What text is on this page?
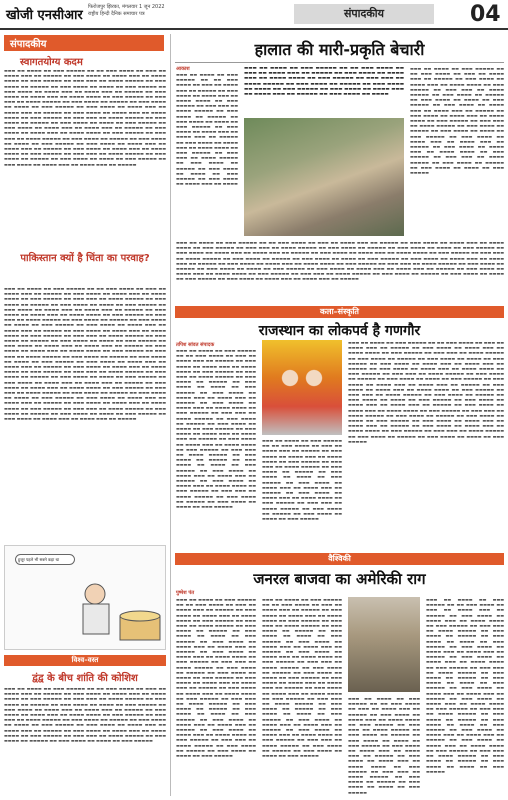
खोजी एनसीआर
फिरोजपुर झिरका, मंगलवार 1 जून 2022
राष्ट्रीय हिन्दी दैनिक समाचार पत्र	संपादकीय	04
संपादकीय
स्वागतयोग्य कदम

▬▬▬ ▬▬ ▬▬▬▬ ▬▬ ▬▬▬ ▬▬▬▬▬ ▬▬ ▬▬ ▬▬▬ ▬▬▬▬ ▬▬ ▬▬▬ ▬▬ ▬▬▬▬ ▬▬▬ ▬▬ ▬▬▬▬▬ ▬▬ ▬▬▬ ▬▬▬▬ ▬▬ ▬▬▬▬ ▬▬▬ ▬▬ ▬▬▬▬ ▬▬▬▬ ▬▬ ▬▬▬ ▬▬▬▬▬ ▬▬ ▬▬▬ ▬▬▬ ▬▬ ▬▬▬▬ ▬▬▬▬▬ ▬▬ ▬▬▬ ▬▬▬▬ ▬▬ ▬▬▬▬▬ ▬▬ ▬▬▬ ▬▬▬▬ ▬▬ ▬▬▬▬ ▬▬ ▬▬▬ ▬▬▬▬▬ ▬▬ ▬▬▬ ▬▬▬▬ ▬▬ ▬▬▬▬ ▬▬▬ ▬▬ ▬▬▬▬ ▬▬▬ ▬▬ ▬▬▬▬▬ ▬▬ ▬▬▬ ▬▬▬▬ ▬▬ ▬▬▬▬ ▬▬▬ ▬▬ ▬▬▬▬ ▬▬▬▬ ▬▬ ▬▬▬ ▬▬▬▬▬ ▬▬ ▬▬▬ ▬▬▬ ▬▬ ▬▬▬▬ ▬▬▬▬▬ ▬▬ ▬▬▬ ▬▬▬▬ ▬▬ ▬▬▬▬▬ ▬▬ ▬▬▬ ▬▬▬▬ ▬▬ ▬▬▬▬ ▬▬ ▬▬▬ ▬▬▬▬▬ ▬▬ ▬▬▬ ▬▬▬▬ ▬▬ ▬▬▬▬ ▬▬▬ ▬▬ ▬▬▬▬ ▬▬▬ ▬▬ ▬▬▬▬▬ ▬▬ ▬▬▬ ▬▬▬▬ ▬▬ ▬▬▬▬ ▬▬▬ ▬▬ ▬▬▬▬ ▬▬▬▬ ▬▬ ▬▬▬ ▬▬▬▬▬ ▬▬ ▬▬▬ ▬▬▬ ▬▬ ▬▬▬▬ ▬▬▬▬▬ ▬▬ ▬▬▬ ▬▬▬▬ ▬▬ ▬▬▬▬▬ ▬▬ ▬▬▬ ▬▬▬▬ ▬▬ ▬▬▬▬ ▬▬ ▬▬▬ ▬▬▬▬▬ ▬▬ ▬▬▬ ▬▬▬▬ ▬▬ ▬▬▬▬ ▬▬▬ ▬▬ ▬▬▬▬ ▬▬▬ ▬▬ ▬▬▬▬▬ ▬▬ ▬▬▬ ▬▬▬▬ ▬▬ ▬▬▬▬ ▬▬▬ ▬▬ ▬▬▬▬ ▬▬▬▬ ▬▬ ▬▬▬ ▬▬▬▬▬ ▬▬ ▬▬▬ ▬▬▬ ▬▬ ▬▬▬▬ ▬▬▬▬▬ ▬▬ ▬▬▬ ▬▬▬▬ ▬▬ ▬▬▬▬▬ ▬▬ ▬▬▬ ▬▬▬▬ ▬▬ ▬▬▬▬ ▬▬ ▬▬▬ ▬▬▬▬▬ ▬▬ ▬▬▬ ▬▬▬▬ ▬▬ ▬▬▬▬ ▬▬▬ ▬▬ ▬▬▬▬ ▬▬▬ ▬▬ ▬▬▬▬▬ ▬▬ ▬▬▬ ▬▬▬▬ ▬▬ ▬▬▬▬ ▬▬▬ ▬▬ ▬▬▬▬ ▬▬▬▬ ▬▬ ▬▬▬ ▬▬▬▬▬ ▬▬ ▬▬▬ ▬▬▬ ▬▬ ▬▬▬▬ ▬▬▬▬▬ ▬▬ ▬▬▬ ▬▬▬▬ ▬▬ ▬▬▬▬▬ ▬▬ ▬▬▬ ▬▬▬▬ ▬▬ ▬▬▬▬ ▬▬ ▬▬▬ ▬▬▬▬▬ ▬▬ ▬▬▬ ▬▬▬▬ ▬▬ ▬▬▬▬ ▬▬▬ ▬▬ ▬▬▬▬ ▬▬▬ ▬▬ ▬▬▬▬▬

पाकिस्तान क्यों है चिंता का परवाह?

▬▬▬ ▬▬ ▬▬▬▬ ▬▬ ▬▬▬ ▬▬▬▬▬ ▬▬ ▬▬ ▬▬▬ ▬▬▬▬ ▬▬ ▬▬▬ ▬▬ ▬▬▬▬ ▬▬▬ ▬▬ ▬▬▬▬▬ ▬▬ ▬▬▬ ▬▬▬▬ ▬▬ ▬▬▬▬ ▬▬▬ ▬▬ ▬▬▬▬ ▬▬▬▬ ▬▬ ▬▬▬ ▬▬▬▬▬ ▬▬ ▬▬▬ ▬▬▬ ▬▬ ▬▬▬▬ ▬▬▬▬▬ ▬▬ ▬▬▬ ▬▬▬▬ ▬▬ ▬▬▬▬▬ ▬▬ ▬▬▬ ▬▬▬▬ ▬▬ ▬▬▬▬ ▬▬ ▬▬▬ ▬▬▬▬▬ ▬▬ ▬▬▬ ▬▬▬▬ ▬▬ ▬▬▬▬ ▬▬▬ ▬▬ ▬▬▬▬ ▬▬▬ ▬▬ ▬▬▬▬▬ ▬▬ ▬▬▬ ▬▬▬▬ ▬▬ ▬▬▬▬ ▬▬▬ ▬▬ ▬▬▬▬ ▬▬▬▬ ▬▬ ▬▬▬ ▬▬▬▬▬ ▬▬ ▬▬▬ ▬▬▬ ▬▬ ▬▬▬▬ ▬▬▬▬▬ ▬▬ ▬▬▬ ▬▬▬▬ ▬▬ ▬▬▬▬▬ ▬▬ ▬▬▬ ▬▬▬▬ ▬▬ ▬▬▬▬ ▬▬ ▬▬▬ ▬▬▬▬▬ ▬▬ ▬▬▬ ▬▬▬▬ ▬▬ ▬▬▬▬ ▬▬▬ ▬▬ ▬▬▬▬ ▬▬▬ ▬▬ ▬▬▬▬▬ ▬▬ ▬▬▬ ▬▬▬▬ ▬▬ ▬▬▬▬ ▬▬▬ ▬▬ ▬▬▬▬ ▬▬▬▬ ▬▬ ▬▬▬ ▬▬▬▬▬ ▬▬ ▬▬▬ ▬▬▬ ▬▬ ▬▬▬▬ ▬▬▬▬▬ ▬▬ ▬▬▬ ▬▬▬▬ ▬▬ ▬▬▬▬▬ ▬▬ ▬▬▬ ▬▬▬▬ ▬▬ ▬▬▬▬ ▬▬ ▬▬▬ ▬▬▬▬▬ ▬▬ ▬▬▬ ▬▬▬▬ ▬▬ ▬▬▬▬ ▬▬▬ ▬▬ ▬▬▬▬ ▬▬▬ ▬▬ ▬▬▬▬▬ ▬▬ ▬▬▬ ▬▬▬▬ ▬▬ ▬▬▬▬ ▬▬▬ ▬▬ ▬▬▬▬ ▬▬▬▬ ▬▬ ▬▬▬ ▬▬▬▬▬ ▬▬ ▬▬▬ ▬▬▬ ▬▬ ▬▬▬▬ ▬▬▬▬▬ ▬▬ ▬▬▬ ▬▬▬▬ ▬▬ ▬▬▬▬▬ ▬▬ ▬▬▬ ▬▬▬▬ ▬▬ ▬▬▬▬ ▬▬ ▬▬▬ ▬▬▬▬▬ ▬▬ ▬▬▬ ▬▬▬▬ ▬▬ ▬▬▬▬ ▬▬▬ ▬▬ ▬▬▬▬ ▬▬▬ ▬▬ ▬▬▬▬▬ ▬▬ ▬▬▬ ▬▬▬▬ ▬▬ ▬▬▬▬ ▬▬▬ ▬▬ ▬▬▬▬ ▬▬▬▬ ▬▬ ▬▬▬ ▬▬▬▬▬ ▬▬ ▬▬▬ ▬▬▬ ▬▬ ▬▬▬▬ ▬▬▬▬▬ ▬▬ ▬▬▬ ▬▬▬▬ ▬▬ ▬▬▬▬▬ ▬▬ ▬▬▬ ▬▬▬▬ ▬▬ ▬▬▬▬ ▬▬ ▬▬▬ ▬▬▬▬▬ ▬▬ ▬▬▬ ▬▬▬▬ ▬▬ ▬▬▬▬ ▬▬▬ ▬▬ ▬▬▬▬ ▬▬▬ ▬▬ ▬▬▬▬▬ ▬▬ ▬▬▬ ▬▬▬▬ ▬▬ ▬▬▬▬ ▬▬▬ ▬▬ ▬▬▬▬ ▬▬▬▬ ▬▬ ▬▬▬ ▬▬▬▬▬ ▬▬ ▬▬▬ ▬▬▬ ▬▬ ▬▬▬▬ ▬▬▬▬▬ ▬▬ ▬▬▬ ▬▬▬▬ ▬▬ ▬▬▬▬▬ ▬▬ ▬▬▬ ▬▬▬▬ ▬▬ ▬▬▬▬ ▬▬ ▬▬▬ ▬▬▬▬▬ ▬▬ ▬▬▬ ▬▬▬▬ ▬▬ ▬▬▬▬ ▬▬▬ ▬▬ ▬▬▬▬ ▬▬▬ ▬▬ ▬▬▬▬▬ ▬▬ ▬▬▬ ▬▬▬▬ ▬▬ ▬▬▬▬ ▬▬▬ ▬▬ ▬▬▬▬ ▬▬▬▬ ▬▬ ▬▬▬ ▬▬▬▬▬ ▬▬ ▬▬▬ ▬▬▬ ▬▬ ▬▬▬▬ ▬▬▬▬▬ ▬▬ ▬▬▬ ▬▬▬▬ ▬▬ ▬▬▬▬▬ ▬▬ ▬▬▬ ▬▬▬▬ ▬▬ ▬▬▬▬ ▬▬ ▬▬▬ ▬▬▬▬▬ ▬▬ ▬▬▬ ▬▬▬▬ ▬▬ ▬▬▬▬ ▬▬▬ ▬▬ ▬▬▬▬ ▬▬▬ ▬▬ ▬▬▬▬▬

हुजूर पहले भी सबने कहा था
विश्व–वस्त
द्वंद्व के बीच शांति की कोशिश

▬▬▬ ▬▬ ▬▬▬▬ ▬▬ ▬▬▬ ▬▬▬▬▬ ▬▬ ▬▬ ▬▬▬ ▬▬▬▬ ▬▬ ▬▬▬ ▬▬ ▬▬▬▬ ▬▬▬ ▬▬ ▬▬▬▬▬ ▬▬ ▬▬▬ ▬▬▬▬ ▬▬ ▬▬▬▬ ▬▬▬ ▬▬ ▬▬▬▬ ▬▬▬▬ ▬▬ ▬▬▬ ▬▬▬▬▬ ▬▬ ▬▬▬ ▬▬▬ ▬▬ ▬▬▬▬ ▬▬▬▬▬ ▬▬ ▬▬▬ ▬▬▬▬ ▬▬ ▬▬▬▬▬ ▬▬ ▬▬▬ ▬▬▬▬ ▬▬ ▬▬▬▬ ▬▬ ▬▬▬ ▬▬▬▬▬ ▬▬ ▬▬▬ ▬▬▬▬ ▬▬ ▬▬▬▬ ▬▬▬ ▬▬ ▬▬▬▬ ▬▬▬ ▬▬ ▬▬▬▬▬ ▬▬ ▬▬▬ ▬▬▬▬ ▬▬ ▬▬▬▬ ▬▬▬ ▬▬ ▬▬▬▬ ▬▬▬▬ ▬▬ ▬▬▬ ▬▬▬▬▬ ▬▬ ▬▬▬ ▬▬▬ ▬▬ ▬▬▬▬ ▬▬▬▬▬ ▬▬ ▬▬▬ ▬▬▬▬ ▬▬ ▬▬▬▬▬ ▬▬ ▬▬▬ ▬▬▬▬ ▬▬ ▬▬▬▬ ▬▬ ▬▬▬ ▬▬▬▬▬ ▬▬ ▬▬▬ ▬▬▬▬ ▬▬ ▬▬▬▬ ▬▬▬ ▬▬ ▬▬▬▬ ▬▬▬ ▬▬ ▬▬▬▬▬ ▬▬ ▬▬▬ ▬▬▬▬ ▬▬ ▬▬▬▬ ▬▬▬ ▬▬ ▬▬▬▬ ▬▬▬▬ ▬▬ ▬▬▬ ▬▬▬▬▬ ▬▬ ▬▬▬ ▬▬▬ ▬▬ ▬▬▬▬ ▬▬▬▬▬ ▬▬ ▬▬▬ ▬▬▬▬ ▬▬ ▬▬▬▬▬ ▬▬ ▬▬▬ ▬▬▬▬ ▬▬ ▬▬▬▬ ▬▬ ▬▬▬ ▬▬▬▬▬

हालात की मारी-प्रकृति बेचारी
आकाश

▬▬▬ ▬▬ ▬▬▬▬ ▬▬ ▬▬▬ ▬▬▬▬▬ ▬▬ ▬▬ ▬▬▬ ▬▬▬▬ ▬▬ ▬▬▬ ▬▬ ▬▬▬▬ ▬▬▬ ▬▬ ▬▬▬▬▬ ▬▬ ▬▬▬ ▬▬▬▬ ▬▬ ▬▬▬▬ ▬▬▬ ▬▬ ▬▬▬▬ ▬▬▬▬ ▬▬ ▬▬▬ ▬▬▬▬▬ ▬▬ ▬▬▬ ▬▬▬ ▬▬ ▬▬▬▬ ▬▬▬▬▬ ▬▬ ▬▬▬ ▬▬▬▬ ▬▬ ▬▬▬▬▬ ▬▬ ▬▬▬ ▬▬▬▬ ▬▬ ▬▬▬▬ ▬▬ ▬▬▬ ▬▬▬▬▬ ▬▬ ▬▬▬ ▬▬▬▬ ▬▬ ▬▬▬▬ ▬▬▬ ▬▬ ▬▬▬▬ ▬▬▬ ▬▬ ▬▬▬▬▬ ▬▬ ▬▬▬ ▬▬▬▬ ▬▬ ▬▬▬▬ ▬▬▬ ▬▬ ▬▬▬▬ ▬▬▬▬ ▬▬ ▬▬▬ ▬▬▬▬▬ ▬▬ ▬▬▬ ▬▬▬ ▬▬ ▬▬▬▬ ▬▬▬▬▬ ▬▬ ▬▬▬ ▬▬▬▬ ▬▬ ▬▬▬▬▬ ▬▬ ▬▬▬ ▬▬▬▬ ▬▬ ▬▬▬▬ ▬▬ ▬▬▬ ▬▬▬▬▬ ▬▬ ▬▬▬ ▬▬▬▬ ▬▬ ▬▬▬▬ ▬▬▬ ▬▬ ▬▬▬▬

▬▬▬ ▬▬ ▬▬▬▬ ▬▬ ▬▬▬ ▬▬▬▬▬ ▬▬ ▬▬ ▬▬▬ ▬▬▬▬ ▬▬ ▬▬▬ ▬▬ ▬▬▬▬ ▬▬▬ ▬▬ ▬▬▬▬▬ ▬▬ ▬▬▬ ▬▬▬▬ ▬▬ ▬▬▬▬ ▬▬▬ ▬▬ ▬▬▬▬ ▬▬▬▬ ▬▬ ▬▬▬ ▬▬▬▬▬ ▬▬ ▬▬▬ ▬▬▬ ▬▬ ▬▬▬▬ ▬▬▬▬▬ ▬▬ ▬▬▬ ▬▬▬▬ ▬▬ ▬▬▬▬▬ ▬▬ ▬▬▬ ▬▬▬▬ ▬▬ ▬▬▬▬ ▬▬ ▬▬▬ ▬▬▬▬▬ ▬▬ ▬▬▬ ▬▬▬▬ ▬▬ ▬▬▬▬ ▬▬▬ ▬▬ ▬▬▬▬ ▬▬▬ ▬▬ ▬▬▬▬▬ ▬▬ ▬▬▬ ▬▬▬▬ ▬▬ ▬▬▬▬

▬▬▬ ▬▬ ▬▬▬▬ ▬▬ ▬▬▬ ▬▬▬▬▬ ▬▬ ▬▬ ▬▬▬ ▬▬▬▬ ▬▬ ▬▬▬ ▬▬ ▬▬▬▬ ▬▬▬ ▬▬ ▬▬▬▬▬ ▬▬ ▬▬▬ ▬▬▬▬ ▬▬ ▬▬▬▬ ▬▬▬ ▬▬ ▬▬▬▬ ▬▬▬▬ ▬▬ ▬▬▬ ▬▬▬▬▬ ▬▬ ▬▬▬ ▬▬▬ ▬▬ ▬▬▬▬ ▬▬▬▬▬ ▬▬ ▬▬▬ ▬▬▬▬ ▬▬ ▬▬▬▬▬ ▬▬ ▬▬▬ ▬▬▬▬ ▬▬ ▬▬▬▬ ▬▬ ▬▬▬ ▬▬▬▬▬ ▬▬ ▬▬▬ ▬▬▬▬ ▬▬ ▬▬▬▬ ▬▬▬ ▬▬ ▬▬▬▬ ▬▬▬ ▬▬ ▬▬▬▬▬ ▬▬ ▬▬▬ ▬▬▬▬ ▬▬ ▬▬▬▬ ▬▬▬ ▬▬ ▬▬▬▬ ▬▬▬▬ ▬▬ ▬▬▬ ▬▬▬▬▬ ▬▬ ▬▬▬ ▬▬▬ ▬▬ ▬▬▬▬ ▬▬▬▬▬ ▬▬ ▬▬▬ ▬▬▬▬ ▬▬ ▬▬▬▬▬ ▬▬ ▬▬▬ ▬▬▬▬ ▬▬ ▬▬▬▬ ▬▬ ▬▬▬ ▬▬▬▬▬ ▬▬ ▬▬▬ ▬▬▬▬ ▬▬ ▬▬▬▬ ▬▬▬ ▬▬ ▬▬▬▬ ▬▬▬ ▬▬ ▬▬▬▬▬ ▬▬ ▬▬▬ ▬▬▬▬ ▬▬ ▬▬▬▬ ▬▬▬ ▬▬ ▬▬▬▬ ▬▬▬▬ ▬▬ ▬▬▬ ▬▬▬▬▬ ▬▬ ▬▬▬ ▬▬▬ ▬▬ ▬▬▬▬ ▬▬▬▬▬ ▬▬ ▬▬▬ ▬▬▬▬ ▬▬ ▬▬▬▬▬ ▬▬ ▬▬▬ ▬▬▬▬ ▬▬ ▬▬▬▬ ▬▬ ▬▬▬ ▬▬▬▬▬

▬▬▬ ▬▬ ▬▬▬▬ ▬▬ ▬▬▬ ▬▬▬▬▬ ▬▬ ▬▬ ▬▬▬ ▬▬▬▬ ▬▬ ▬▬▬ ▬▬ ▬▬▬▬ ▬▬▬ ▬▬ ▬▬▬▬▬ ▬▬ ▬▬▬ ▬▬▬▬ ▬▬ ▬▬▬▬ ▬▬▬ ▬▬ ▬▬▬▬ ▬▬▬▬ ▬▬ ▬▬▬ ▬▬▬▬▬ ▬▬ ▬▬▬ ▬▬▬ ▬▬ ▬▬▬▬ ▬▬▬▬▬ ▬▬ ▬▬▬ ▬▬▬▬ ▬▬ ▬▬▬▬▬ ▬▬ ▬▬▬ ▬▬▬▬ ▬▬ ▬▬▬▬ ▬▬ ▬▬▬ ▬▬▬▬▬ ▬▬ ▬▬▬ ▬▬▬▬ ▬▬ ▬▬▬▬ ▬▬▬ ▬▬ ▬▬▬▬ ▬▬▬ ▬▬ ▬▬▬▬▬ ▬▬ ▬▬▬ ▬▬▬▬ ▬▬ ▬▬▬▬ ▬▬▬ ▬▬ ▬▬▬▬ ▬▬▬▬ ▬▬ ▬▬▬ ▬▬▬▬▬ ▬▬ ▬▬▬ ▬▬▬ ▬▬ ▬▬▬▬ ▬▬▬▬▬ ▬▬ ▬▬▬ ▬▬▬▬ ▬▬ ▬▬▬▬▬ ▬▬ ▬▬▬ ▬▬▬▬ ▬▬ ▬▬▬▬ ▬▬ ▬▬▬ ▬▬▬▬▬ ▬▬ ▬▬▬ ▬▬▬▬ ▬▬ ▬▬▬▬ ▬▬▬ ▬▬ ▬▬▬▬ ▬▬▬ ▬▬ ▬▬▬▬▬ ▬▬ ▬▬▬ ▬▬▬▬ ▬▬ ▬▬▬▬ ▬▬▬ ▬▬ ▬▬▬▬ ▬▬▬▬ ▬▬ ▬▬▬ ▬▬▬▬▬ ▬▬ ▬▬▬ ▬▬▬ ▬▬ ▬▬▬▬ ▬▬▬▬▬ ▬▬ ▬▬▬ ▬▬▬▬ ▬▬ ▬▬▬▬▬ ▬▬ ▬▬▬ ▬▬▬▬ ▬▬ ▬▬▬▬ ▬▬ ▬▬▬ ▬▬▬▬▬ ▬▬ ▬▬▬ ▬▬▬▬ ▬▬ ▬▬▬▬ ▬▬▬ ▬▬ ▬▬▬▬ ▬▬▬ ▬▬ ▬▬▬▬▬ ▬▬ ▬▬▬ ▬▬▬▬ ▬▬ ▬▬▬▬ ▬▬▬ ▬▬ ▬▬▬▬ ▬▬▬▬ ▬▬ ▬▬▬ ▬▬▬▬▬ ▬▬ ▬▬▬ ▬▬▬ ▬▬ ▬▬▬▬ ▬▬▬▬▬ ▬▬ ▬▬▬ ▬▬▬▬ ▬▬ ▬▬▬▬▬ ▬▬ ▬▬▬ ▬▬▬▬ ▬▬ ▬▬▬▬ ▬▬ ▬▬▬ ▬▬▬▬▬ ▬▬ ▬▬▬ ▬▬▬▬ ▬▬ ▬▬▬▬ ▬▬▬ ▬▬ ▬▬▬▬ ▬▬▬ ▬▬ ▬▬▬▬▬

कला–संस्कृति
राजस्थान का लोकपर्व है गणगौर
तपिश सांवत संपादक

▬▬▬ ▬▬ ▬▬▬▬ ▬▬ ▬▬▬ ▬▬▬▬▬ ▬▬ ▬▬ ▬▬▬ ▬▬▬▬ ▬▬ ▬▬▬ ▬▬ ▬▬▬▬ ▬▬▬ ▬▬ ▬▬▬▬▬ ▬▬ ▬▬▬ ▬▬▬▬ ▬▬ ▬▬▬▬ ▬▬▬ ▬▬ ▬▬▬▬ ▬▬▬▬ ▬▬ ▬▬▬ ▬▬▬▬▬ ▬▬ ▬▬▬ ▬▬▬ ▬▬ ▬▬▬▬ ▬▬▬▬▬ ▬▬ ▬▬▬ ▬▬▬▬ ▬▬ ▬▬▬▬▬ ▬▬ ▬▬▬ ▬▬▬▬ ▬▬ ▬▬▬▬ ▬▬ ▬▬▬ ▬▬▬▬▬ ▬▬ ▬▬▬ ▬▬▬▬ ▬▬ ▬▬▬▬ ▬▬▬ ▬▬ ▬▬▬▬ ▬▬▬ ▬▬ ▬▬▬▬▬ ▬▬ ▬▬▬ ▬▬▬▬ ▬▬ ▬▬▬▬ ▬▬▬ ▬▬ ▬▬▬▬ ▬▬▬▬ ▬▬ ▬▬▬ ▬▬▬▬▬ ▬▬ ▬▬▬ ▬▬▬ ▬▬ ▬▬▬▬ ▬▬▬▬▬ ▬▬ ▬▬▬ ▬▬▬▬ ▬▬ ▬▬▬▬▬ ▬▬ ▬▬▬ ▬▬▬▬ ▬▬ ▬▬▬▬ ▬▬ ▬▬▬ ▬▬▬▬▬ ▬▬ ▬▬▬ ▬▬▬▬ ▬▬ ▬▬▬▬ ▬▬▬ ▬▬ ▬▬▬▬ ▬▬▬ ▬▬ ▬▬▬▬▬ ▬▬ ▬▬▬ ▬▬▬▬ ▬▬ ▬▬▬▬ ▬▬▬ ▬▬ ▬▬▬▬ ▬▬▬▬ ▬▬ ▬▬▬ ▬▬▬▬▬ ▬▬ ▬▬▬ ▬▬▬ ▬▬ ▬▬▬▬ ▬▬▬▬▬ ▬▬ ▬▬▬ ▬▬▬▬ ▬▬ ▬▬▬▬▬ ▬▬ ▬▬▬ ▬▬▬▬ ▬▬ ▬▬▬▬ ▬▬ ▬▬▬ ▬▬▬▬▬ ▬▬ ▬▬▬ ▬▬▬▬ ▬▬ ▬▬▬▬ ▬▬▬ ▬▬ ▬▬▬▬ ▬▬▬ ▬▬ ▬▬▬▬▬ ▬▬ ▬▬▬ ▬▬▬▬ ▬▬ ▬▬▬▬ ▬▬▬ ▬▬ ▬▬▬▬ ▬▬▬▬ ▬▬ ▬▬▬ ▬▬▬▬▬ ▬▬ ▬▬▬ ▬▬▬ ▬▬ ▬▬▬▬ ▬▬▬▬▬ ▬▬ ▬▬▬ ▬▬▬▬ ▬▬ ▬▬▬▬▬ ▬▬ ▬▬▬ ▬▬▬▬ ▬▬ ▬▬▬▬ ▬▬ ▬▬▬ ▬▬▬▬▬

▬▬▬ ▬▬ ▬▬▬▬ ▬▬ ▬▬▬ ▬▬▬▬▬ ▬▬ ▬▬ ▬▬▬ ▬▬▬▬ ▬▬ ▬▬▬ ▬▬ ▬▬▬▬ ▬▬▬ ▬▬ ▬▬▬▬▬ ▬▬ ▬▬▬ ▬▬▬▬ ▬▬ ▬▬▬▬ ▬▬▬ ▬▬ ▬▬▬▬ ▬▬▬▬ ▬▬ ▬▬▬ ▬▬▬▬▬ ▬▬ ▬▬▬ ▬▬▬ ▬▬ ▬▬▬▬ ▬▬▬▬▬ ▬▬ ▬▬▬ ▬▬▬▬ ▬▬ ▬▬▬▬▬ ▬▬ ▬▬▬ ▬▬▬▬ ▬▬ ▬▬▬▬ ▬▬ ▬▬▬ ▬▬▬▬▬ ▬▬ ▬▬▬ ▬▬▬▬ ▬▬ ▬▬▬▬ ▬▬▬ ▬▬ ▬▬▬▬ ▬▬▬ ▬▬ ▬▬▬▬▬ ▬▬ ▬▬▬ ▬▬▬▬ ▬▬ ▬▬▬▬ ▬▬▬ ▬▬ ▬▬▬▬ ▬▬▬▬ ▬▬ ▬▬▬ ▬▬▬▬▬ ▬▬ ▬▬▬ ▬▬▬ ▬▬ ▬▬▬▬ ▬▬▬▬▬ ▬▬ ▬▬▬ ▬▬▬▬ ▬▬ ▬▬▬▬▬ ▬▬ ▬▬▬ ▬▬▬▬ ▬▬ ▬▬▬▬ ▬▬ ▬▬▬ ▬▬▬▬▬

▬▬▬ ▬▬ ▬▬▬▬ ▬▬ ▬▬▬ ▬▬▬▬▬ ▬▬ ▬▬ ▬▬▬ ▬▬▬▬ ▬▬ ▬▬▬ ▬▬ ▬▬▬▬ ▬▬▬ ▬▬ ▬▬▬▬▬ ▬▬ ▬▬▬ ▬▬▬▬ ▬▬ ▬▬▬▬ ▬▬▬ ▬▬ ▬▬▬▬ ▬▬▬▬ ▬▬ ▬▬▬ ▬▬▬▬▬ ▬▬ ▬▬▬ ▬▬▬ ▬▬ ▬▬▬▬ ▬▬▬▬▬ ▬▬ ▬▬▬ ▬▬▬▬ ▬▬ ▬▬▬▬▬ ▬▬ ▬▬▬ ▬▬▬▬ ▬▬ ▬▬▬▬ ▬▬ ▬▬▬ ▬▬▬▬▬ ▬▬ ▬▬▬ ▬▬▬▬ ▬▬ ▬▬▬▬ ▬▬▬ ▬▬ ▬▬▬▬ ▬▬▬ ▬▬ ▬▬▬▬▬ ▬▬ ▬▬▬ ▬▬▬▬ ▬▬ ▬▬▬▬ ▬▬▬ ▬▬ ▬▬▬▬ ▬▬▬▬ ▬▬ ▬▬▬ ▬▬▬▬▬ ▬▬ ▬▬▬ ▬▬▬ ▬▬ ▬▬▬▬ ▬▬▬▬▬ ▬▬ ▬▬▬ ▬▬▬▬ ▬▬ ▬▬▬▬▬ ▬▬ ▬▬▬ ▬▬▬▬ ▬▬ ▬▬▬▬ ▬▬ ▬▬▬ ▬▬▬▬▬ ▬▬ ▬▬▬ ▬▬▬▬ ▬▬ ▬▬▬▬ ▬▬▬ ▬▬ ▬▬▬▬ ▬▬▬ ▬▬ ▬▬▬▬▬ ▬▬ ▬▬▬ ▬▬▬▬ ▬▬ ▬▬▬▬ ▬▬▬ ▬▬ ▬▬▬▬ ▬▬▬▬ ▬▬ ▬▬▬ ▬▬▬▬▬ ▬▬ ▬▬▬ ▬▬▬ ▬▬ ▬▬▬▬ ▬▬▬▬▬ ▬▬ ▬▬▬ ▬▬▬▬ ▬▬ ▬▬▬▬▬ ▬▬ ▬▬▬ ▬▬▬▬ ▬▬ ▬▬▬▬ ▬▬ ▬▬▬ ▬▬▬▬▬ ▬▬ ▬▬▬ ▬▬▬▬ ▬▬ ▬▬▬▬ ▬▬▬ ▬▬ ▬▬▬▬ ▬▬▬ ▬▬ ▬▬▬▬▬ ▬▬ ▬▬▬ ▬▬▬▬ ▬▬ ▬▬▬▬ ▬▬▬ ▬▬ ▬▬▬▬ ▬▬▬▬ ▬▬ ▬▬▬ ▬▬▬▬▬ ▬▬ ▬▬▬ ▬▬▬ ▬▬ ▬▬▬▬ ▬▬▬▬▬ ▬▬ ▬▬▬ ▬▬▬▬ ▬▬ ▬▬▬▬▬ ▬▬ ▬▬▬ ▬▬▬▬ ▬▬ ▬▬▬▬ ▬▬ ▬▬▬ ▬▬▬▬▬ ▬▬ ▬▬▬ ▬▬▬▬ ▬▬ ▬▬▬▬ ▬▬▬ ▬▬ ▬▬▬▬ ▬▬▬ ▬▬ ▬▬▬▬▬ ▬▬ ▬▬▬ ▬▬▬▬ ▬▬ ▬▬▬▬ ▬▬▬ ▬▬ ▬▬▬▬ ▬▬▬▬ ▬▬ ▬▬▬ ▬▬▬▬▬ ▬▬ ▬▬▬ ▬▬▬ ▬▬ ▬▬▬▬ ▬▬▬▬▬ ▬▬ ▬▬▬ ▬▬▬▬ ▬▬ ▬▬▬▬▬ ▬▬ ▬▬▬ ▬▬▬▬ ▬▬ ▬▬▬▬ ▬▬ ▬▬▬ ▬▬▬▬▬

वैश्विकी
जनरल बाजवा का अमेरिकी राग
पुष्पेश पंत

▬▬▬ ▬▬ ▬▬▬▬ ▬▬ ▬▬▬ ▬▬▬▬▬ ▬▬ ▬▬ ▬▬▬ ▬▬▬▬ ▬▬ ▬▬▬ ▬▬ ▬▬▬▬ ▬▬▬ ▬▬ ▬▬▬▬▬ ▬▬ ▬▬▬ ▬▬▬▬ ▬▬ ▬▬▬▬ ▬▬▬ ▬▬ ▬▬▬▬ ▬▬▬▬ ▬▬ ▬▬▬ ▬▬▬▬▬ ▬▬ ▬▬▬ ▬▬▬ ▬▬ ▬▬▬▬ ▬▬▬▬▬ ▬▬ ▬▬▬ ▬▬▬▬ ▬▬ ▬▬▬▬▬ ▬▬ ▬▬▬ ▬▬▬▬ ▬▬ ▬▬▬▬ ▬▬ ▬▬▬ ▬▬▬▬▬ ▬▬ ▬▬▬ ▬▬▬▬ ▬▬ ▬▬▬▬ ▬▬▬ ▬▬ ▬▬▬▬ ▬▬▬ ▬▬ ▬▬▬▬▬ ▬▬ ▬▬▬ ▬▬▬▬ ▬▬ ▬▬▬▬ ▬▬▬ ▬▬ ▬▬▬▬ ▬▬▬▬ ▬▬ ▬▬▬ ▬▬▬▬▬ ▬▬ ▬▬▬ ▬▬▬ ▬▬ ▬▬▬▬ ▬▬▬▬▬ ▬▬ ▬▬▬ ▬▬▬▬ ▬▬ ▬▬▬▬▬ ▬▬ ▬▬▬ ▬▬▬▬ ▬▬ ▬▬▬▬ ▬▬ ▬▬▬ ▬▬▬▬▬ ▬▬ ▬▬▬ ▬▬▬▬ ▬▬ ▬▬▬▬ ▬▬▬ ▬▬ ▬▬▬▬ ▬▬▬ ▬▬ ▬▬▬▬▬ ▬▬ ▬▬▬ ▬▬▬▬ ▬▬ ▬▬▬▬ ▬▬▬ ▬▬ ▬▬▬▬ ▬▬▬▬ ▬▬ ▬▬▬ ▬▬▬▬▬ ▬▬ ▬▬▬ ▬▬▬ ▬▬ ▬▬▬▬ ▬▬▬▬▬ ▬▬ ▬▬▬ ▬▬▬▬ ▬▬ ▬▬▬▬▬ ▬▬ ▬▬▬ ▬▬▬▬ ▬▬ ▬▬▬▬ ▬▬ ▬▬▬ ▬▬▬▬▬ ▬▬ ▬▬▬ ▬▬▬▬ ▬▬ ▬▬▬▬ ▬▬▬ ▬▬ ▬▬▬▬ ▬▬▬ ▬▬ ▬▬▬▬▬ ▬▬ ▬▬▬ ▬▬▬▬ ▬▬ ▬▬▬▬ ▬▬▬ ▬▬ ▬▬▬▬ ▬▬▬▬ ▬▬ ▬▬▬ ▬▬▬▬▬ ▬▬ ▬▬▬ ▬▬▬ ▬▬ ▬▬▬▬ ▬▬▬▬▬ ▬▬ ▬▬▬ ▬▬▬▬ ▬▬ ▬▬▬▬▬ ▬▬ ▬▬▬ ▬▬▬▬ ▬▬ ▬▬▬▬ ▬▬ ▬▬▬ ▬▬▬▬▬

▬▬▬ ▬▬ ▬▬▬▬ ▬▬ ▬▬▬ ▬▬▬▬▬ ▬▬ ▬▬ ▬▬▬ ▬▬▬▬ ▬▬ ▬▬▬ ▬▬ ▬▬▬▬ ▬▬▬ ▬▬ ▬▬▬▬▬ ▬▬ ▬▬▬ ▬▬▬▬ ▬▬ ▬▬▬▬ ▬▬▬ ▬▬ ▬▬▬▬ ▬▬▬▬ ▬▬ ▬▬▬ ▬▬▬▬▬ ▬▬ ▬▬▬ ▬▬▬ ▬▬ ▬▬▬▬ ▬▬▬▬▬ ▬▬ ▬▬▬ ▬▬▬▬ ▬▬ ▬▬▬▬▬ ▬▬ ▬▬▬ ▬▬▬▬ ▬▬ ▬▬▬▬ ▬▬ ▬▬▬ ▬▬▬▬▬ ▬▬ ▬▬▬ ▬▬▬▬ ▬▬ ▬▬▬▬ ▬▬▬ ▬▬ ▬▬▬▬ ▬▬▬ ▬▬ ▬▬▬▬▬ ▬▬ ▬▬▬ ▬▬▬▬ ▬▬ ▬▬▬▬ ▬▬▬ ▬▬ ▬▬▬▬ ▬▬▬▬ ▬▬ ▬▬▬ ▬▬▬▬▬ ▬▬ ▬▬▬ ▬▬▬ ▬▬ ▬▬▬▬ ▬▬▬▬▬ ▬▬ ▬▬▬ ▬▬▬▬ ▬▬ ▬▬▬▬▬ ▬▬ ▬▬▬ ▬▬▬▬ ▬▬ ▬▬▬▬ ▬▬ ▬▬▬ ▬▬▬▬▬ ▬▬ ▬▬▬ ▬▬▬▬ ▬▬ ▬▬▬▬ ▬▬▬ ▬▬ ▬▬▬▬ ▬▬▬ ▬▬ ▬▬▬▬▬ ▬▬ ▬▬▬ ▬▬▬▬ ▬▬ ▬▬▬▬ ▬▬▬ ▬▬ ▬▬▬▬ ▬▬▬▬ ▬▬ ▬▬▬ ▬▬▬▬▬ ▬▬ ▬▬▬ ▬▬▬ ▬▬ ▬▬▬▬ ▬▬▬▬▬ ▬▬ ▬▬▬ ▬▬▬▬ ▬▬ ▬▬▬▬▬ ▬▬ ▬▬▬ ▬▬▬▬ ▬▬ ▬▬▬▬ ▬▬ ▬▬▬ ▬▬▬▬▬ ▬▬ ▬▬▬ ▬▬▬▬ ▬▬ ▬▬▬▬ ▬▬▬ ▬▬ ▬▬▬▬ ▬▬▬ ▬▬ ▬▬▬▬▬ ▬▬ ▬▬▬ ▬▬▬▬ ▬▬ ▬▬▬▬ ▬▬▬ ▬▬ ▬▬▬▬ ▬▬▬▬ ▬▬ ▬▬▬ ▬▬▬▬▬ ▬▬ ▬▬▬ ▬▬▬ ▬▬ ▬▬▬▬ ▬▬▬▬▬ ▬▬ ▬▬▬ ▬▬▬▬ ▬▬ ▬▬▬▬▬ ▬▬ ▬▬▬ ▬▬▬▬ ▬▬ ▬▬▬▬ ▬▬ ▬▬▬ ▬▬▬▬▬

▬▬▬ ▬▬ ▬▬▬▬ ▬▬ ▬▬▬ ▬▬▬▬▬ ▬▬ ▬▬ ▬▬▬ ▬▬▬▬ ▬▬ ▬▬▬ ▬▬ ▬▬▬▬ ▬▬▬ ▬▬ ▬▬▬▬▬ ▬▬ ▬▬▬ ▬▬▬▬ ▬▬ ▬▬▬▬ ▬▬▬ ▬▬ ▬▬▬▬ ▬▬▬▬ ▬▬ ▬▬▬ ▬▬▬▬▬ ▬▬ ▬▬▬ ▬▬▬ ▬▬ ▬▬▬▬ ▬▬▬▬▬ ▬▬ ▬▬▬ ▬▬▬▬ ▬▬ ▬▬▬▬▬ ▬▬ ▬▬▬ ▬▬▬▬ ▬▬ ▬▬▬▬ ▬▬ ▬▬▬ ▬▬▬▬▬ ▬▬ ▬▬▬ ▬▬▬▬ ▬▬ ▬▬▬▬ ▬▬▬ ▬▬ ▬▬▬▬ ▬▬▬ ▬▬ ▬▬▬▬▬ ▬▬ ▬▬▬ ▬▬▬▬ ▬▬ ▬▬▬▬ ▬▬▬ ▬▬ ▬▬▬▬ ▬▬▬▬ ▬▬ ▬▬▬ ▬▬▬▬▬ ▬▬ ▬▬▬ ▬▬▬ ▬▬ ▬▬▬▬ ▬▬▬▬▬ ▬▬ ▬▬▬ ▬▬▬▬ ▬▬ ▬▬▬▬▬ ▬▬ ▬▬▬ ▬▬▬▬ ▬▬ ▬▬▬▬ ▬▬ ▬▬▬ ▬▬▬▬▬

▬▬▬ ▬▬ ▬▬▬▬ ▬▬ ▬▬▬ ▬▬▬▬▬ ▬▬ ▬▬ ▬▬▬ ▬▬▬▬ ▬▬ ▬▬▬ ▬▬ ▬▬▬▬ ▬▬▬ ▬▬ ▬▬▬▬▬ ▬▬ ▬▬▬ ▬▬▬▬ ▬▬ ▬▬▬▬ ▬▬▬ ▬▬ ▬▬▬▬ ▬▬▬▬ ▬▬ ▬▬▬ ▬▬▬▬▬ ▬▬ ▬▬▬ ▬▬▬ ▬▬ ▬▬▬▬ ▬▬▬▬▬ ▬▬ ▬▬▬ ▬▬▬▬ ▬▬ ▬▬▬▬▬ ▬▬ ▬▬▬ ▬▬▬▬ ▬▬ ▬▬▬▬ ▬▬ ▬▬▬ ▬▬▬▬▬ ▬▬ ▬▬▬ ▬▬▬▬ ▬▬ ▬▬▬▬ ▬▬▬ ▬▬ ▬▬▬▬ ▬▬▬ ▬▬ ▬▬▬▬▬ ▬▬ ▬▬▬ ▬▬▬▬ ▬▬ ▬▬▬▬ ▬▬▬ ▬▬ ▬▬▬▬ ▬▬▬▬ ▬▬ ▬▬▬ ▬▬▬▬▬ ▬▬ ▬▬▬ ▬▬▬ ▬▬ ▬▬▬▬ ▬▬▬▬▬ ▬▬ ▬▬▬ ▬▬▬▬ ▬▬ ▬▬▬▬▬ ▬▬ ▬▬▬ ▬▬▬▬ ▬▬ ▬▬▬▬ ▬▬ ▬▬▬ ▬▬▬▬▬ ▬▬ ▬▬▬ ▬▬▬▬ ▬▬ ▬▬▬▬ ▬▬▬ ▬▬ ▬▬▬▬ ▬▬▬ ▬▬ ▬▬▬▬▬ ▬▬ ▬▬▬ ▬▬▬▬ ▬▬ ▬▬▬▬ ▬▬▬ ▬▬ ▬▬▬▬ ▬▬▬▬ ▬▬ ▬▬▬ ▬▬▬▬▬ ▬▬ ▬▬▬ ▬▬▬ ▬▬ ▬▬▬▬ ▬▬▬▬▬ ▬▬ ▬▬▬ ▬▬▬▬ ▬▬ ▬▬▬▬▬ ▬▬ ▬▬▬ ▬▬▬▬ ▬▬ ▬▬▬▬ ▬▬ ▬▬▬ ▬▬▬▬▬ ▬▬ ▬▬▬ ▬▬▬▬ ▬▬ ▬▬▬▬ ▬▬▬ ▬▬ ▬▬▬▬ ▬▬▬ ▬▬ ▬▬▬▬▬ ▬▬ ▬▬▬ ▬▬▬▬ ▬▬ ▬▬▬▬ ▬▬▬ ▬▬ ▬▬▬▬ ▬▬▬▬ ▬▬ ▬▬▬ ▬▬▬▬▬ ▬▬ ▬▬▬ ▬▬▬ ▬▬ ▬▬▬▬ ▬▬▬▬▬ ▬▬ ▬▬▬ ▬▬▬▬ ▬▬ ▬▬▬▬▬ ▬▬ ▬▬▬ ▬▬▬▬ ▬▬ ▬▬▬▬ ▬▬ ▬▬▬ ▬▬▬▬▬
